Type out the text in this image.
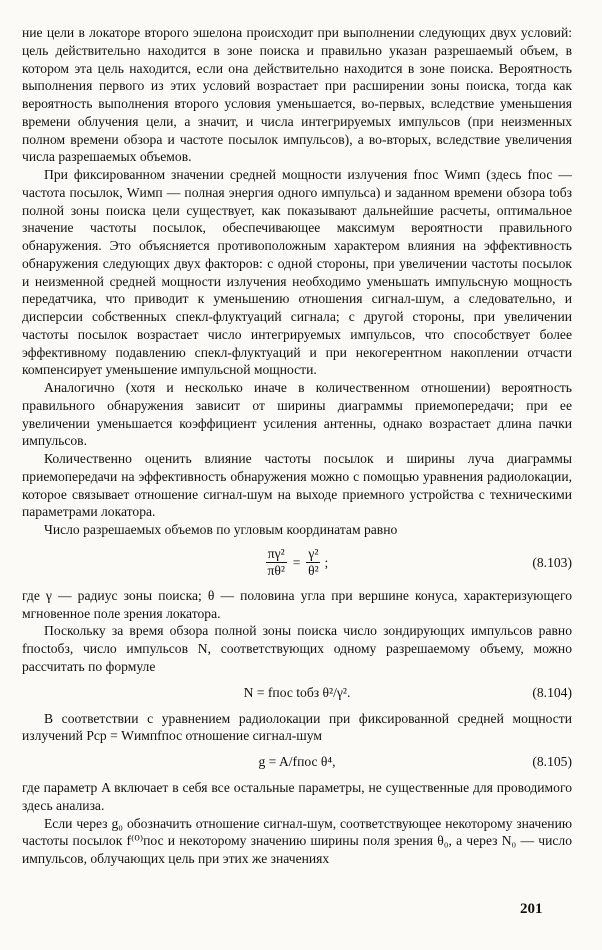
ние цели в локаторе второго эшелона происходит при выполнении следующих двух условий: цель действительно находится в зоне поиска и правильно указан разрешаемый объем, в котором эта цель находится, если она действительно находится в зоне поиска. Вероятность выполнения первого из этих условий возрастает при расширении зоны поиска, тогда как вероятность выполнения второго условия уменьшается, во-первых, вследствие уменьшения времени облучения цели, а значит, и числа интегрируемых импульсов (при неизменных полном времени обзора и частоте посылок импульсов), а во-вторых, вследствие увеличения числа разрешаемых объемов.

При фиксированном значении средней мощности излучения fпос Wимп (здесь fпос — частота посылок, Wимп — полная энергия одного импульса) и заданном времени обзора tобз полной зоны поиска цели существует, как показывают дальнейшие расчеты, оптимальное значение частоты посылок, обеспечивающее максимум вероятности правильного обнаружения. Это объясняется противоположным характером влияния на эффективность обнаружения следующих двух факторов: с одной стороны, при увеличении частоты посылок и неизменной средней мощности излучения необходимо уменьшать импульсную мощность передатчика, что приводит к уменьшению отношения сигнал-шум, а следовательно, и дисперсии собственных спекл-флуктуаций сигнала; с другой стороны, при увеличении частоты посылок возрастает число интегрируемых импульсов, что способствует более эффективному подавлению спекл-флуктуаций и при некогерентном накоплении отчасти компенсирует уменьшение импульсной мощности.

Аналогично (хотя и несколько иначе в количественном отношении) вероятность правильного обнаружения зависит от ширины диаграммы приемопередачи; при ее увеличении уменьшается коэффициент усиления антенны, однако возрастает длина пачки импульсов.

Количественно оценить влияние частоты посылок и ширины луча диаграммы приемопередачи на эффективность обнаружения можно с помощью уравнения радиолокации, которое связывает отношение сигнал-шум на выходе приемного устройства с техническими параметрами локатора.

Число разрешаемых объемов по угловым координатам равно

$\frac{\text{πγ²}}{\text{πθ²}} = \frac{\text{γ²}}{\text{θ²}}$ ;	(8.103)

где γ — радиус зоны поиска; θ — половина угла при вершине конуса, характеризующего мгновенное поле зрения локатора.

Поскольку за время обзора полной зоны поиска число зондирующих импульсов равно fпосtобз, число импульсов N, соответствующих одному разрешаемому объему, можно рассчитать по формуле

N = fпос tобз θ²/γ².	(8.104)

В соответствии с уравнением радиолокации при фиксированной средней мощности излучений Pср = Wимпfпос отношение сигнал-шум

g = A/fпос θ⁴,	(8.105)

где параметр A включает в себя все остальные параметры, не существенные для проводимого здесь анализа.

Если через g₀ обозначить отношение сигнал-шум, соответствующее некоторому значению частоты посылок f⁽⁰⁾пос и некоторому значению ширины поля зрения θ₀, а через N₀ — число импульсов, облучающих цель при этих же значениях

201
